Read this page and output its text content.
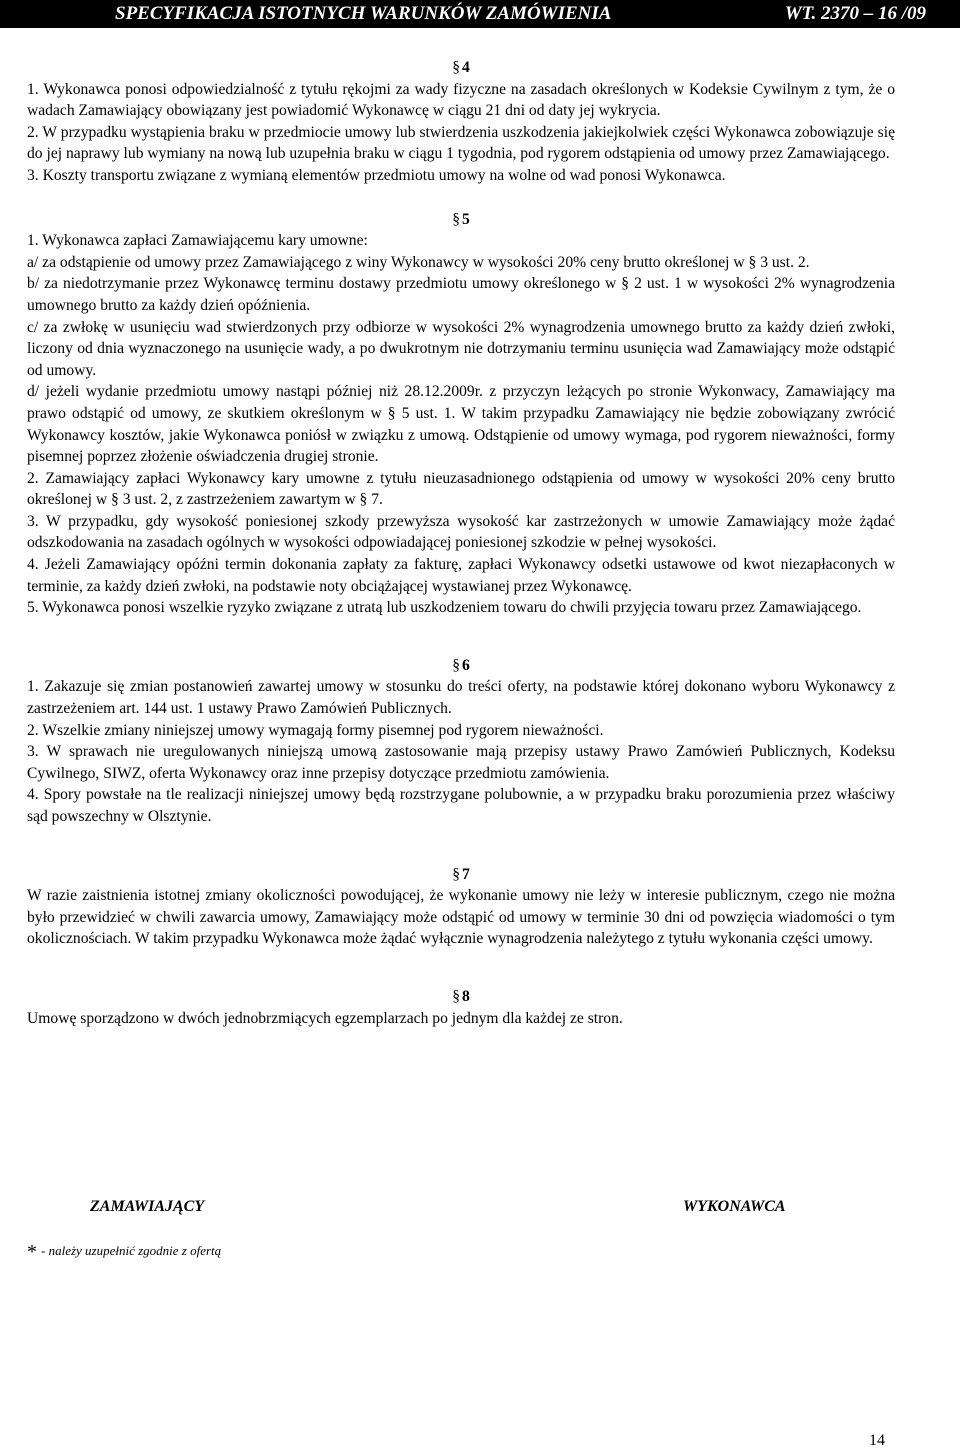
SPECYFIKACJA ISTOTNYCH WARUNKÓW ZAMÓWIENIA	WT. 2370 – 16 /09
§ 4

1. Wykonawca ponosi odpowiedzialność z tytułu rękojmi za wady fizyczne na zasadach określonych w Kodeksie Cywilnym z tym, że o wadach Zamawiający obowiązany jest powiadomić Wykonawcę w ciągu 21 dni od daty jej wykrycia.

2. W przypadku wystąpienia braku w przedmiocie umowy lub stwierdzenia uszkodzenia jakiejkolwiek części Wykonawca zobowiązuje się do jej naprawy lub wymiany na nową lub uzupełnia braku w ciągu 1 tygodnia, pod rygorem odstąpienia od umowy przez Zamawiającego.

3. Koszty transportu związane z wymianą elementów przedmiotu umowy na wolne od wad ponosi Wykonawca.

§ 5

1. Wykonawca zapłaci Zamawiającemu kary umowne:

a/ za odstąpienie od umowy przez Zamawiającego z winy Wykonawcy w wysokości 20% ceny brutto określonej w § 3 ust. 2.

b/ za niedotrzymanie przez Wykonawcę terminu dostawy przedmiotu umowy określonego w § 2 ust. 1 w wysokości 2% wynagrodzenia umownego brutto za każdy dzień opóźnienia.

c/ za zwłokę w usunięciu wad stwierdzonych przy odbiorze w wysokości 2% wynagrodzenia umownego brutto za każdy dzień zwłoki, liczony od dnia wyznaczonego na usunięcie wady, a po dwukrotnym nie dotrzymaniu terminu usunięcia wad Zamawiający może odstąpić od umowy.

d/ jeżeli wydanie przedmiotu umowy nastąpi później niż 28.12.2009r. z przyczyn leżących po stronie Wykonwacy, Zamawiający ma prawo odstąpić od umowy, ze skutkiem określonym w § 5 ust. 1. W takim przypadku Zamawiający nie będzie zobowiązany zwrócić Wykonawcy kosztów, jakie Wykonawca poniósł w związku z umową. Odstąpienie od umowy wymaga, pod rygorem nieważności, formy pisemnej poprzez złożenie oświadczenia drugiej stronie.

2. Zamawiający zapłaci Wykonawcy kary umowne z tytułu nieuzasadnionego odstąpienia od umowy w wysokości 20% ceny brutto określonej w § 3 ust. 2, z zastrzeżeniem zawartym w § 7.

3. W przypadku, gdy wysokość poniesionej szkody przewyższa wysokość kar zastrzeżonych w umowie Zamawiający może żądać odszkodowania na zasadach ogólnych w wysokości odpowiadającej poniesionej szkodzie w pełnej wysokości.

4. Jeżeli Zamawiający opóźni termin dokonania zapłaty za fakturę, zapłaci Wykonawcy odsetki ustawowe od kwot niezapłaconych w terminie, za każdy dzień zwłoki, na podstawie noty obciążającej wystawianej przez Wykonawcę.

5. Wykonawca ponosi wszelkie ryzyko związane z utratą lub uszkodzeniem towaru do chwili przyjęcia towaru przez Zamawiającego.

§ 6

1. Zakazuje się zmian postanowień zawartej umowy w stosunku do treści oferty, na podstawie której dokonano wyboru Wykonawcy z zastrzeżeniem art. 144 ust. 1 ustawy Prawo Zamówień Publicznych.

2. Wszelkie zmiany niniejszej umowy wymagają formy pisemnej pod rygorem nieważności.

3. W sprawach nie uregulowanych niniejszą umową zastosowanie mają przepisy ustawy Prawo Zamówień Publicznych, Kodeksu Cywilnego, SIWZ, oferta Wykonawcy oraz inne przepisy dotyczące przedmiotu zamówienia.

4. Spory powstałe na tle realizacji niniejszej umowy będą rozstrzygane polubownie, a w przypadku braku porozumienia przez właściwy sąd powszechny w Olsztynie.

§ 7

W razie zaistnienia istotnej zmiany okoliczności powodującej, że wykonanie umowy nie leży w interesie publicznym, czego nie można było przewidzieć w chwili zawarcia umowy, Zamawiający może odstąpić od umowy w terminie 30 dni od powzięcia wiadomości o tym okolicznościach. W takim przypadku Wykonawca może żądać wyłącznie wynagrodzenia należytego z tytułu wykonania części umowy.

§ 8

Umowę sporządzono w dwóch jednobrzmiących egzemplarzach po jednym dla każdej ze stron.

ZAMAWIAJĄCY	WYKONAWCA
* - należy uzupełnić zgodnie z ofertą
14
